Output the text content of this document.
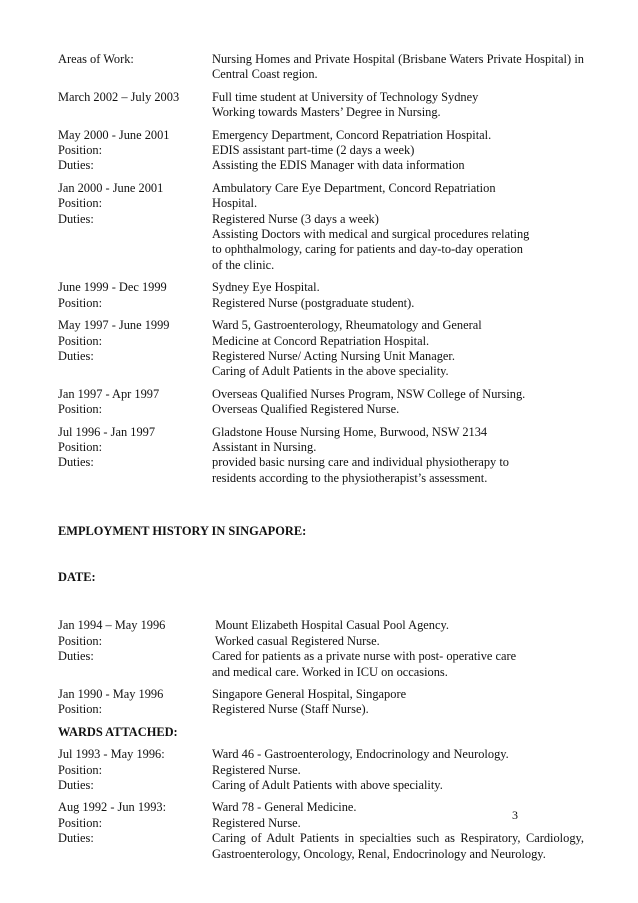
Areas of Work:	Nursing Homes and Private Hospital (Brisbane Waters Private Hospital) in Central Coast region.
March 2002 – July 2003	Full time student at University of Technology Sydney
Working towards Masters’ Degree in Nursing.
May 2000 - June 2001
Position:
Duties:
Emergency Department, Concord Repatriation Hospital.
EDIS assistant part-time (2 days a week)
Assisting the EDIS Manager with data information
Jan 2000 - June 2001
Position:
Duties:
Ambulatory Care Eye Department, Concord Repatriation
Hospital.
Registered Nurse (3 days a week)
Assisting Doctors with medical and surgical procedures relating
to ophthalmology, caring for patients and day-to-day operation
of the clinic.
June 1999 - Dec 1999
Position:
Sydney Eye Hospital.
Registered Nurse (postgraduate student).
May 1997 - June 1999
Position:
Duties:
Ward 5, Gastroenterology, Rheumatology and General
Medicine at Concord Repatriation Hospital.
Registered Nurse/ Acting Nursing Unit Manager.
Caring of Adult Patients in the above speciality.
Jan 1997 - Apr 1997
Position:
Overseas Qualified Nurses Program, NSW College of Nursing.
Overseas Qualified Registered Nurse.
Jul 1996 - Jan 1997
Position:
Duties:
Gladstone House Nursing Home, Burwood, NSW 2134
Assistant in Nursing.
provided basic nursing care and individual physiotherapy to
residents according to the physiotherapist’s assessment.

EMPLOYMENT HISTORY IN SINGAPORE:

DATE:

Jan 1994 – May 1996
Position:
Duties:
Mount Elizabeth Hospital Casual Pool Agency.
Worked casual Registered Nurse.
Cared for patients as a private nurse with post- operative care
and medical care. Worked in ICU on occasions.
Jan 1990 - May 1996
Position:
Singapore General Hospital, Singapore
Registered Nurse (Staff Nurse).
WARDS ATTACHED:
Jul 1993 - May 1996:
Position:
Duties:
Ward 46 - Gastroenterology, Endocrinology and Neurology.
Registered Nurse.
Caring of Adult Patients with above speciality.
Aug 1992 - Jun 1993:
Position:
Duties:
Ward 78 - General Medicine.
Registered Nurse.
Caring of Adult Patients in specialties such as Respiratory, Cardiology, Gastroenterology, Oncology, Renal, Endocrinology and Neurology.
3
